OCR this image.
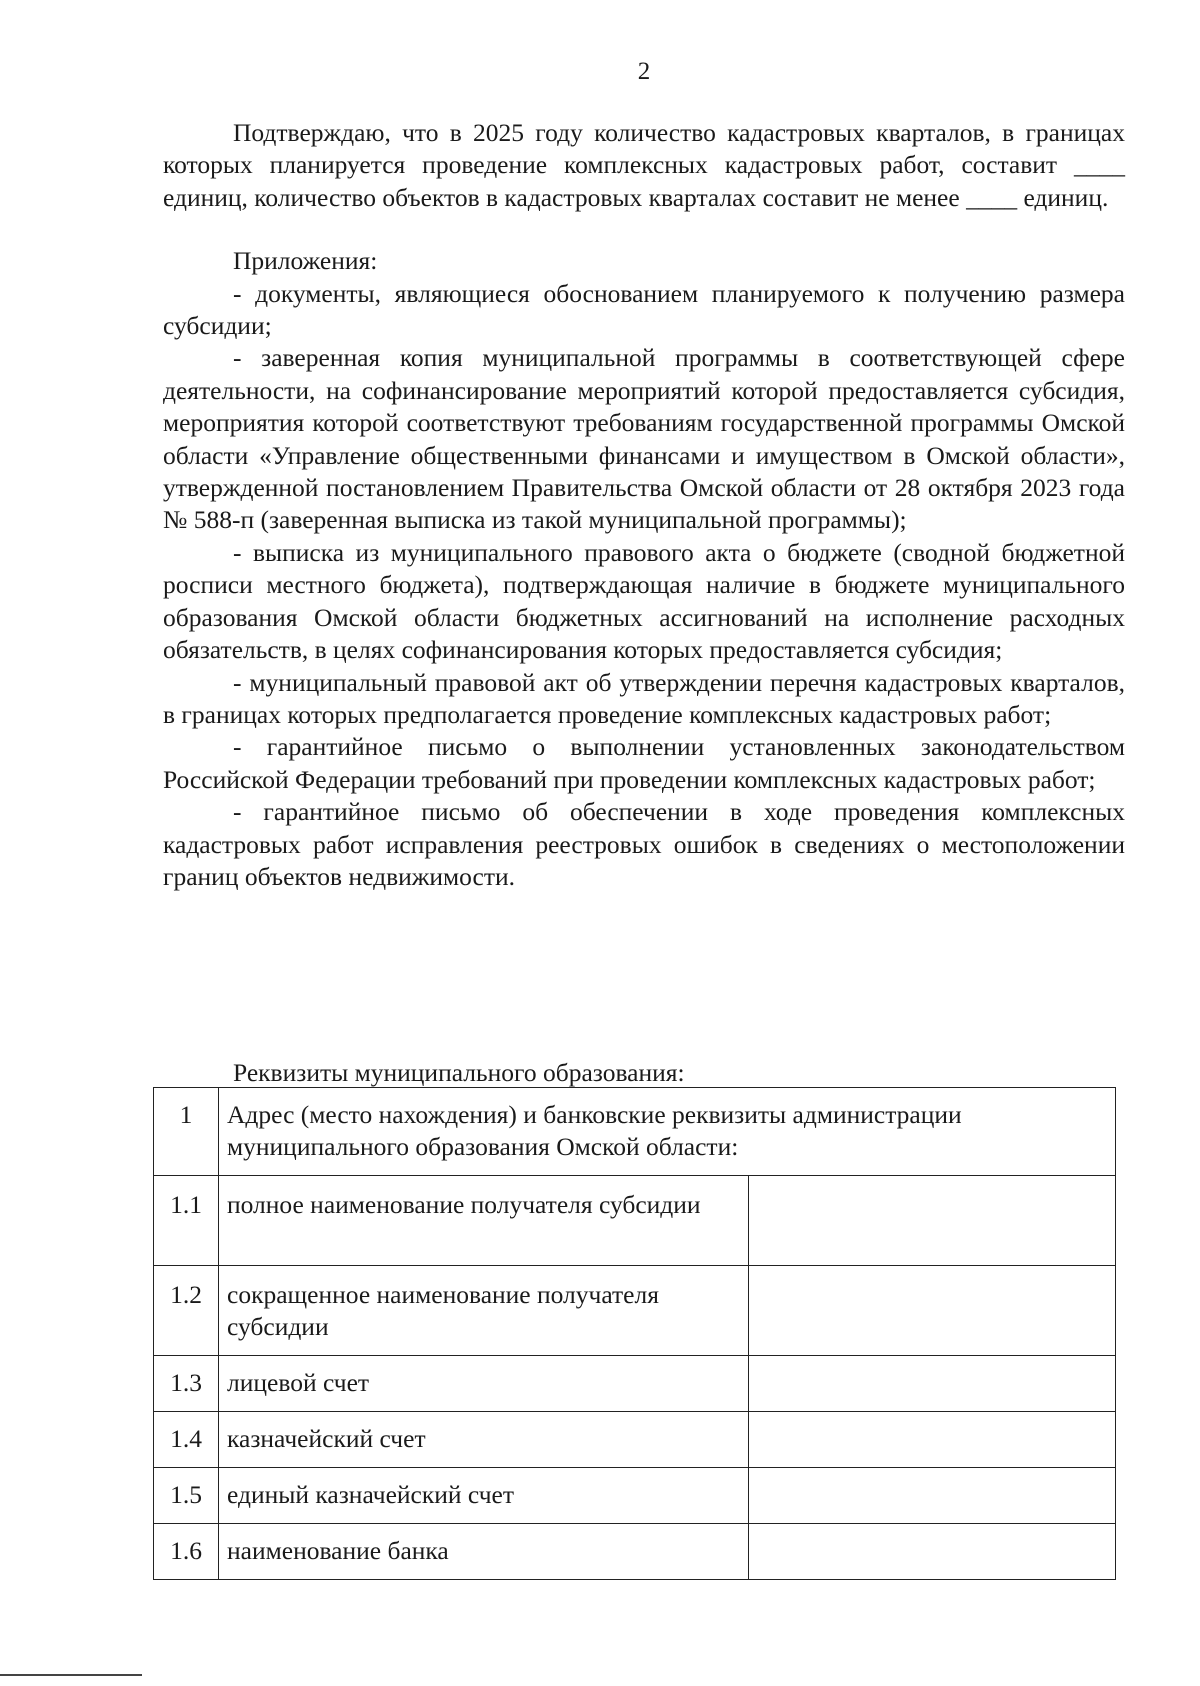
2

Подтверждаю, что в 2025 году количество кадастровых кварталов, в границах которых планируется проведение комплексных кадастровых работ, составит ____ единиц, количество объектов в кадастровых кварталах составит не менее ____ единиц.

Приложения:

- документы, являющиеся обоснованием планируемого к получению размера субсидии;

- заверенная копия муниципальной программы в соответствующей сфере деятельности, на софинансирование мероприятий которой предоставляется субсидия, мероприятия которой соответствуют требованиям государственной программы Омской области «Управление общественными финансами и имуществом в Омской области», утвержденной постановлением Правительства Омской области от 28 октября 2023 года № 588-п (заверенная выписка из такой муниципальной программы);

- выписка из муниципального правового акта о бюджете (сводной бюджетной росписи местного бюджета), подтверждающая наличие в бюджете муниципального образования Омской области бюджетных ассигнований на исполнение расходных обязательств, в целях софинансирования которых предоставляется субсидия;

- муниципальный правовой акт об утверждении перечня кадастровых кварталов, в границах которых предполагается проведение комплексных кадастровых работ;

- гарантийное письмо о выполнении установленных законодательством Российской Федерации требований при проведении комплексных кадастровых работ;

- гарантийное письмо об обеспечении в ходе проведения комплексных кадастровых работ исправления реестровых ошибок в сведениях о местоположении границ объектов недвижимости.

Реквизиты муниципального образования:
1	Адрес (место нахождения) и банковские реквизиты администрации муниципального образования Омской области:	
1.1	полное наименование получателя субсидии	
1.2	сокращенное наименование получателя субсидии	
1.3	лицевой счет	
1.4	казначейский счет	
1.5	единый казначейский счет	
1.6	наименование банка	
